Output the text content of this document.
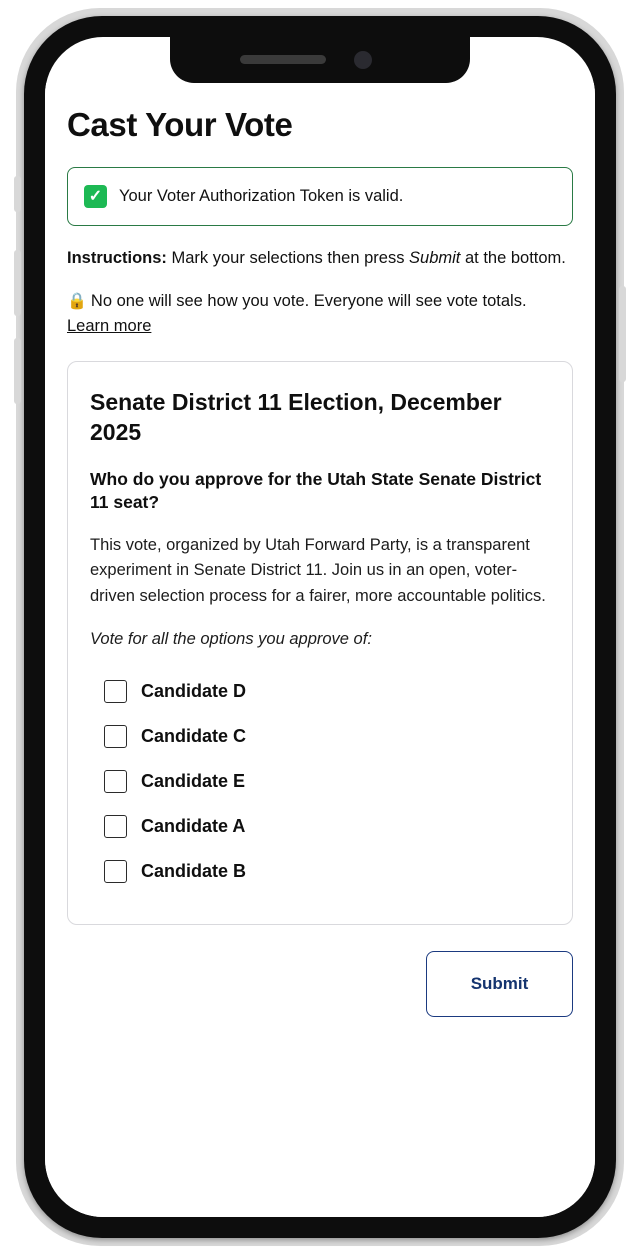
Cast Your Vote
✓ Your Voter Authorization Token is valid.

Instructions: Mark your selections then press Submit at the bottom.

🔒 No one will see how you vote. Everyone will see vote totals. Learn more

Senate District 11 Election, December 2025
Who do you approve for the Utah State Senate District 11 seat?
This vote, organized by Utah Forward Party, is a transparent experiment in Senate District 11. Join us in an open, voter-driven selection process for a fairer, more accountable politics.
Vote for all the options you approve of:
Candidate D
Candidate C
Candidate E
Candidate A
Candidate B
Submit
